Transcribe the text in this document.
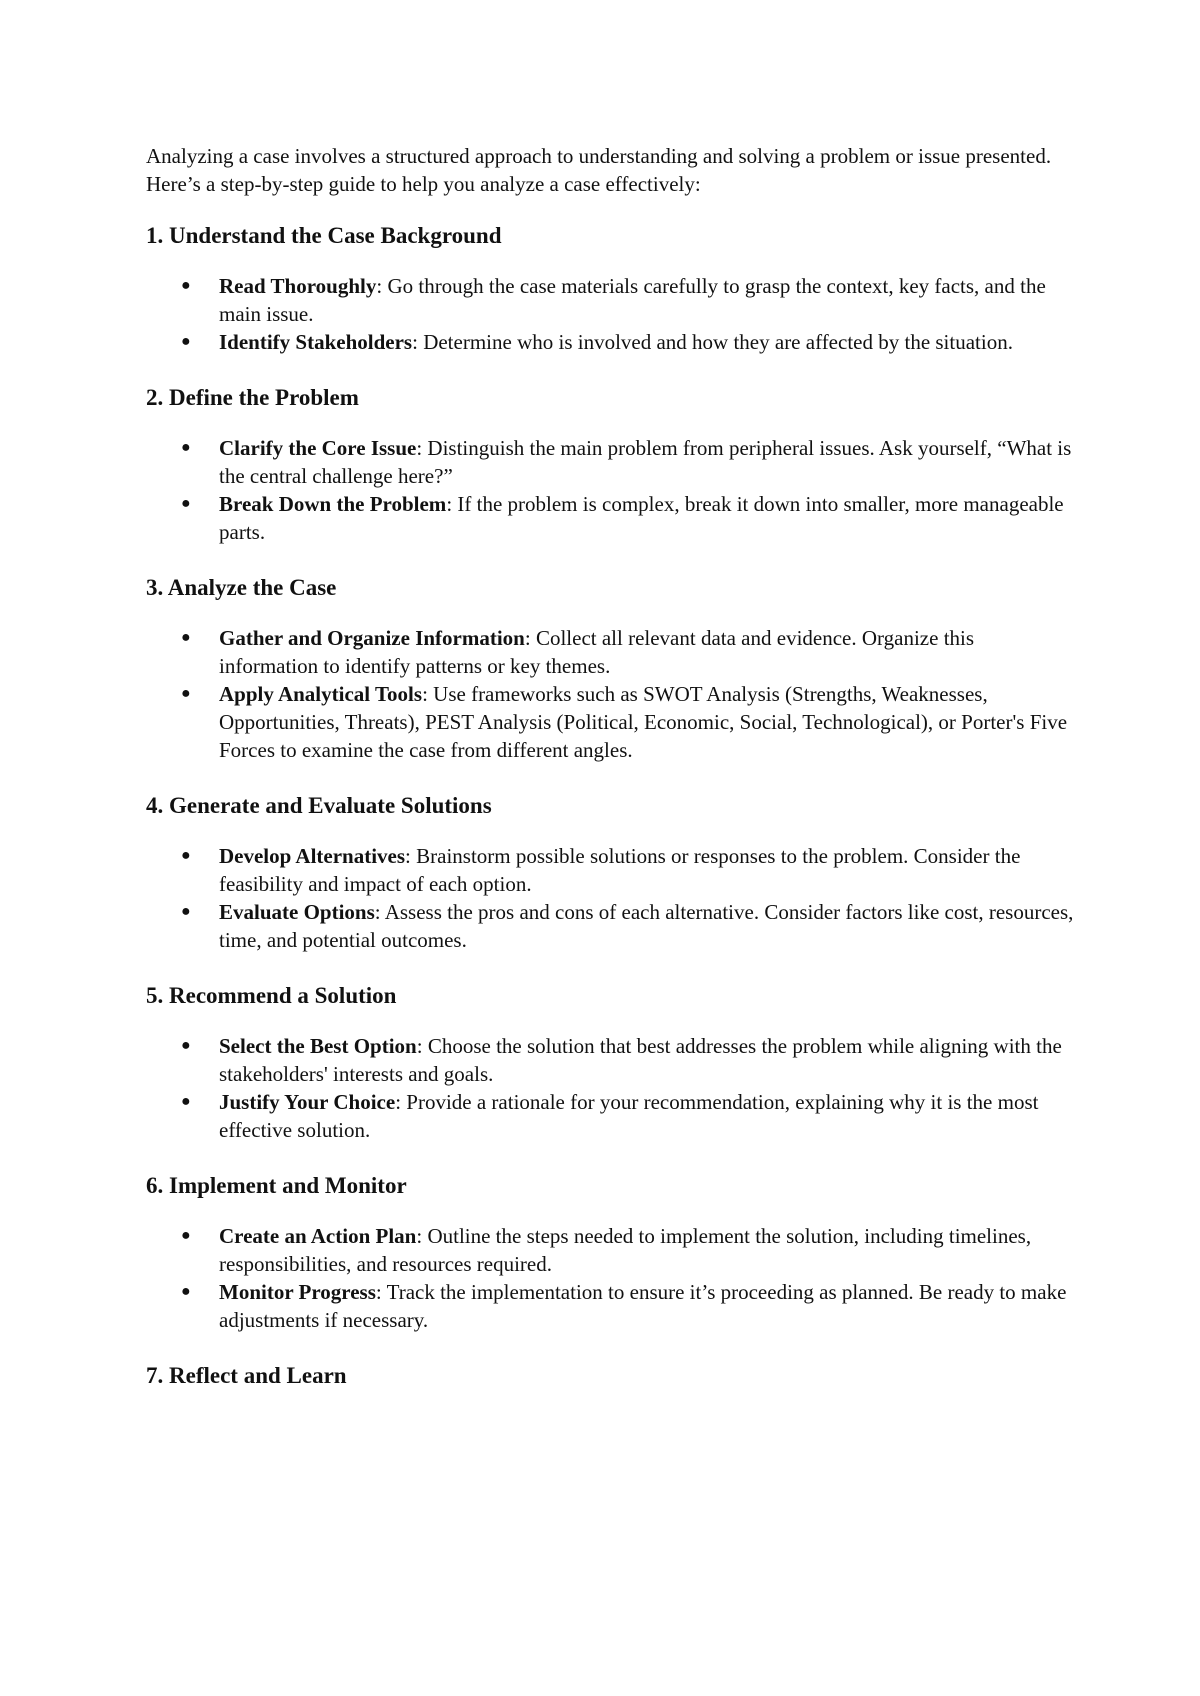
Analyzing a case involves a structured approach to understanding and solving a problem or issue presented. Here’s a step-by-step guide to help you analyze a case effectively:

1. Understand the Case Background
● Read Thoroughly: Go through the case materials carefully to grasp the context, key facts, and the main issue.
● Identify Stakeholders: Determine who is involved and how they are affected by the situation.
2. Define the Problem
● Clarify the Core Issue: Distinguish the main problem from peripheral issues. Ask yourself, “What is the central challenge here?”
● Break Down the Problem: If the problem is complex, break it down into smaller, more manageable parts.
3. Analyze the Case
● Gather and Organize Information: Collect all relevant data and evidence. Organize this information to identify patterns or key themes.
● Apply Analytical Tools: Use frameworks such as SWOT Analysis (Strengths, Weaknesses, Opportunities, Threats), PEST Analysis (Political, Economic, Social, Technological), or Porter's Five Forces to examine the case from different angles.
4. Generate and Evaluate Solutions
● Develop Alternatives: Brainstorm possible solutions or responses to the problem. Consider the feasibility and impact of each option.
● Evaluate Options: Assess the pros and cons of each alternative. Consider factors like cost, resources, time, and potential outcomes.
5. Recommend a Solution
● Select the Best Option: Choose the solution that best addresses the problem while aligning with the stakeholders' interests and goals.
● Justify Your Choice: Provide a rationale for your recommendation, explaining why it is the most effective solution.
6. Implement and Monitor
● Create an Action Plan: Outline the steps needed to implement the solution, including timelines, responsibilities, and resources required.
● Monitor Progress: Track the implementation to ensure it’s proceeding as planned. Be ready to make adjustments if necessary.
7. Reflect and Learn
